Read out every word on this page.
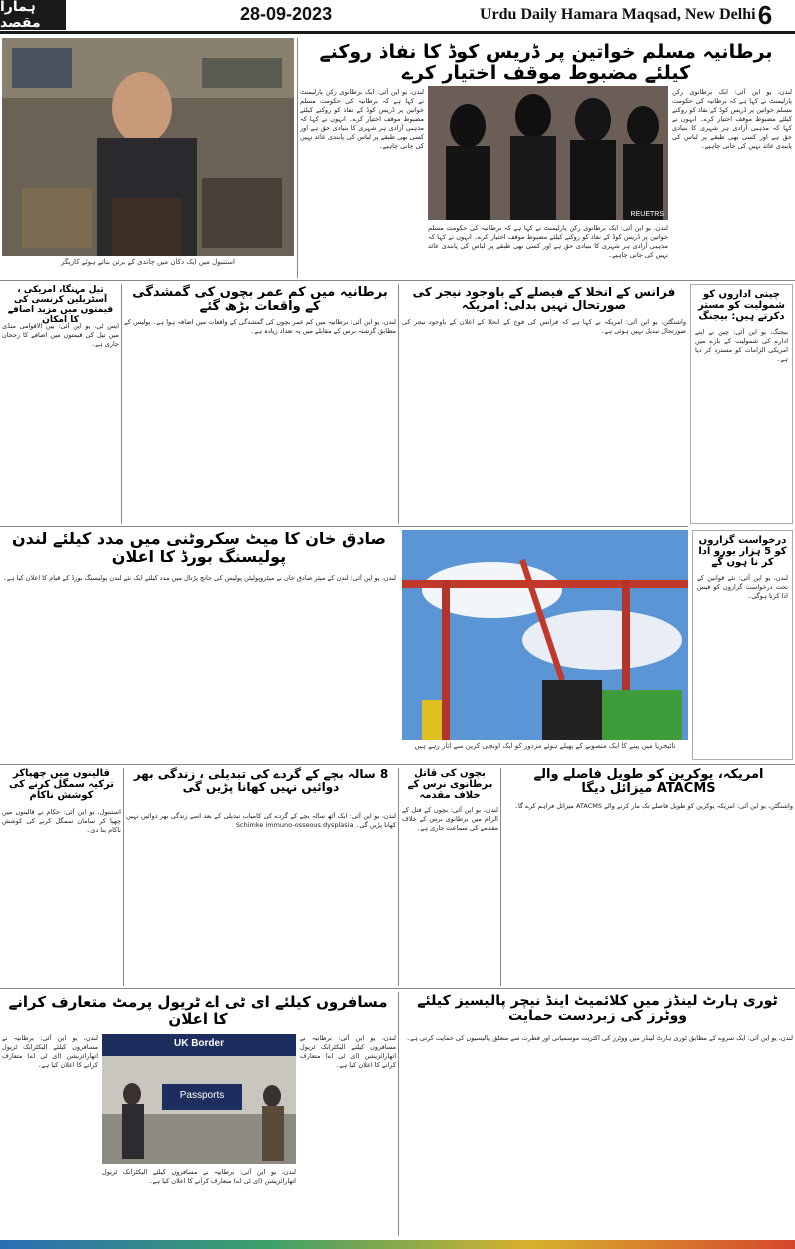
ہمارا مقصد	28-09-2023	Urdu Daily Hamara Maqsad, New Delhi 6
استنبول میں ایک دکان میں چاندی کے برتن بناتے ہوئے کاریگر
برطانیہ مسلم خواتین پر ڈریس کوڈ کا نفاذ روکنے کیلئے مضبوط موقف اختیار کرے
REUETRS
لندن، یو این آئی: ایک برطانوی رکن پارلیمنٹ نے کہا ہے کہ برطانیہ کی حکومت مسلم خواتین پر ڈریس کوڈ کے نفاذ کو روکنے کیلئے مضبوط موقف اختیار کرے۔ انہوں نے کہا کہ مذہبی آزادی ہر شہری کا بنیادی حق ہے اور کسی بھی طبقے پر لباس کی پابندی عائد نہیں کی جانی چاہیے۔
لندن، یو این آئی: ایک برطانوی رکن پارلیمنٹ نے کہا ہے کہ برطانیہ کی حکومت مسلم خواتین پر ڈریس کوڈ کے نفاذ کو روکنے کیلئے مضبوط موقف اختیار کرے۔ انہوں نے کہا کہ مذہبی آزادی ہر شہری کا بنیادی حق ہے اور کسی بھی طبقے پر لباس کی پابندی عائد نہیں کی جانی چاہیے۔
لندن، یو این آئی: ایک برطانوی رکن پارلیمنٹ نے کہا ہے کہ برطانیہ کی حکومت مسلم خواتین پر ڈریس کوڈ کے نفاذ کو روکنے کیلئے مضبوط موقف اختیار کرے۔ انہوں نے کہا کہ مذہبی آزادی ہر شہری کا بنیادی حق ہے اور کسی بھی طبقے پر لباس کی پابندی عائد نہیں کی جانی چاہیے۔
چینی اداروں کو شمولیت کو مستر دکرتے ہیں: بیجنگ
بیجنگ، یو این آئی: چین نے اپنے ادارے کی شمولیت کے بارے میں امریکی الزامات کو مسترد کر دیا ہے۔
فرانس کے انخلا کے فیصلے کے باوجود نیجر کی صورتحال نہیں بدلی: امریکہ
واشنگٹن، یو این آئی: امریکہ نے کہا ہے کہ فرانس کی فوج کے انخلا کے اعلان کے باوجود نیجر کی صورتحال تبدیل نہیں ہوئی ہے۔
برطانیہ میں کم عمر بچوں کی گمشدگی کے واقعات بڑھ گئے
لندن، یو این آئی: برطانیہ میں کم عمر بچوں کی گمشدگی کے واقعات میں اضافہ ہوا ہے۔ پولیس کے مطابق گزشتہ برس کے مقابلے میں یہ تعداد زیادہ ہے۔
تیل مہنگا، امریکی ، آسٹریلین کرنسی کی قیمتوں میں مزید اضافے کا امکان
ایس ٹی، یو این آئی: بین الاقوامی منڈی میں تیل کی قیمتوں میں اضافے کا رجحان جاری ہے۔
صادق خان کا میٹ سکروٹنی میں مدد کیلئے لندن پولیسنگ بورڈ کا اعلان
لندن، یو این آئی: لندن کے میئر صادق خان نے میٹروپولیٹن پولیس کی جانچ پڑتال میں مدد کیلئے ایک نئے لندن پولیسنگ بورڈ کے قیام کا اعلان کیا ہے۔
نائیجریا میں پینے کا ایک منصوبے کے پھیلے ہوئے مزدور کو ایک اونچی کرین سے اتار رہے ہیں
درخواست گزاروں کو 5 ہزار یورو ادا کر نا ہوں گے
لندن، یو این آئی: نئے قوانین کے تحت درخواست گزاروں کو فیس ادا کرنا ہوگی۔
امریکہ، یوکرین کو طویل فاصلے والے ATACMS میزائل دیگا
واشنگٹن، یو این آئی: امریکہ یوکرین کو طویل فاصلے تک مار کرنے والے ATACMS میزائل فراہم کرے گا۔
بچوں کی قاتل برطانوی نرس کے خلاف مقدمہ
لندن، یو این آئی: بچوں کے قتل کے الزام میں برطانوی نرس کے خلاف مقدمے کی سماعت جاری ہے۔
8 سالہ بچے کے گردے کی تبدیلی ، زندگی بھر دوائیں نہیں کھانا پڑیں گی
لندن، یو این آئی: ایک آٹھ سالہ بچے کے گردے کی کامیاب تبدیلی کے بعد اسے زندگی بھر دوائیں نہیں کھانا پڑیں گی۔ Schimke immuno-osseous dysplasia
قالینوں میں چھپاکر ترکیہ سمگل کرنے کی کوشش ناکام
استنبول، یو این آئی: حکام نے قالینوں میں چھپا کر سامان سمگل کرنے کی کوشش ناکام بنا دی۔
مسافروں کیلئے ای ٹی اے ٹریول پرمٹ متعارف کرانے کا اعلان
UK Border
Passports
لندن، یو این آئی: برطانیہ نے مسافروں کیلئے الیکٹرانک ٹریول اتھارائزیشن (ای ٹی اے) متعارف کرانے کا اعلان کیا ہے۔
لندن، یو این آئی: برطانیہ نے مسافروں کیلئے الیکٹرانک ٹریول اتھارائزیشن (ای ٹی اے) متعارف کرانے کا اعلان کیا ہے۔
لندن، یو این آئی: برطانیہ نے مسافروں کیلئے الیکٹرانک ٹریول اتھارائزیشن (ای ٹی اے) متعارف کرانے کا اعلان کیا ہے۔
ٹوری ہارٹ لینڈز میں کلائمیٹ اینڈ نیچر پالیسیز کیلئے ووٹرز کی زبردست حمایت
لندن، یو این آئی: ایک سروے کے مطابق ٹوری ہارٹ لینڈز میں ووٹرز کی اکثریت موسمیاتی اور فطرت سے متعلق پالیسیوں کی حمایت کرتی ہے۔
